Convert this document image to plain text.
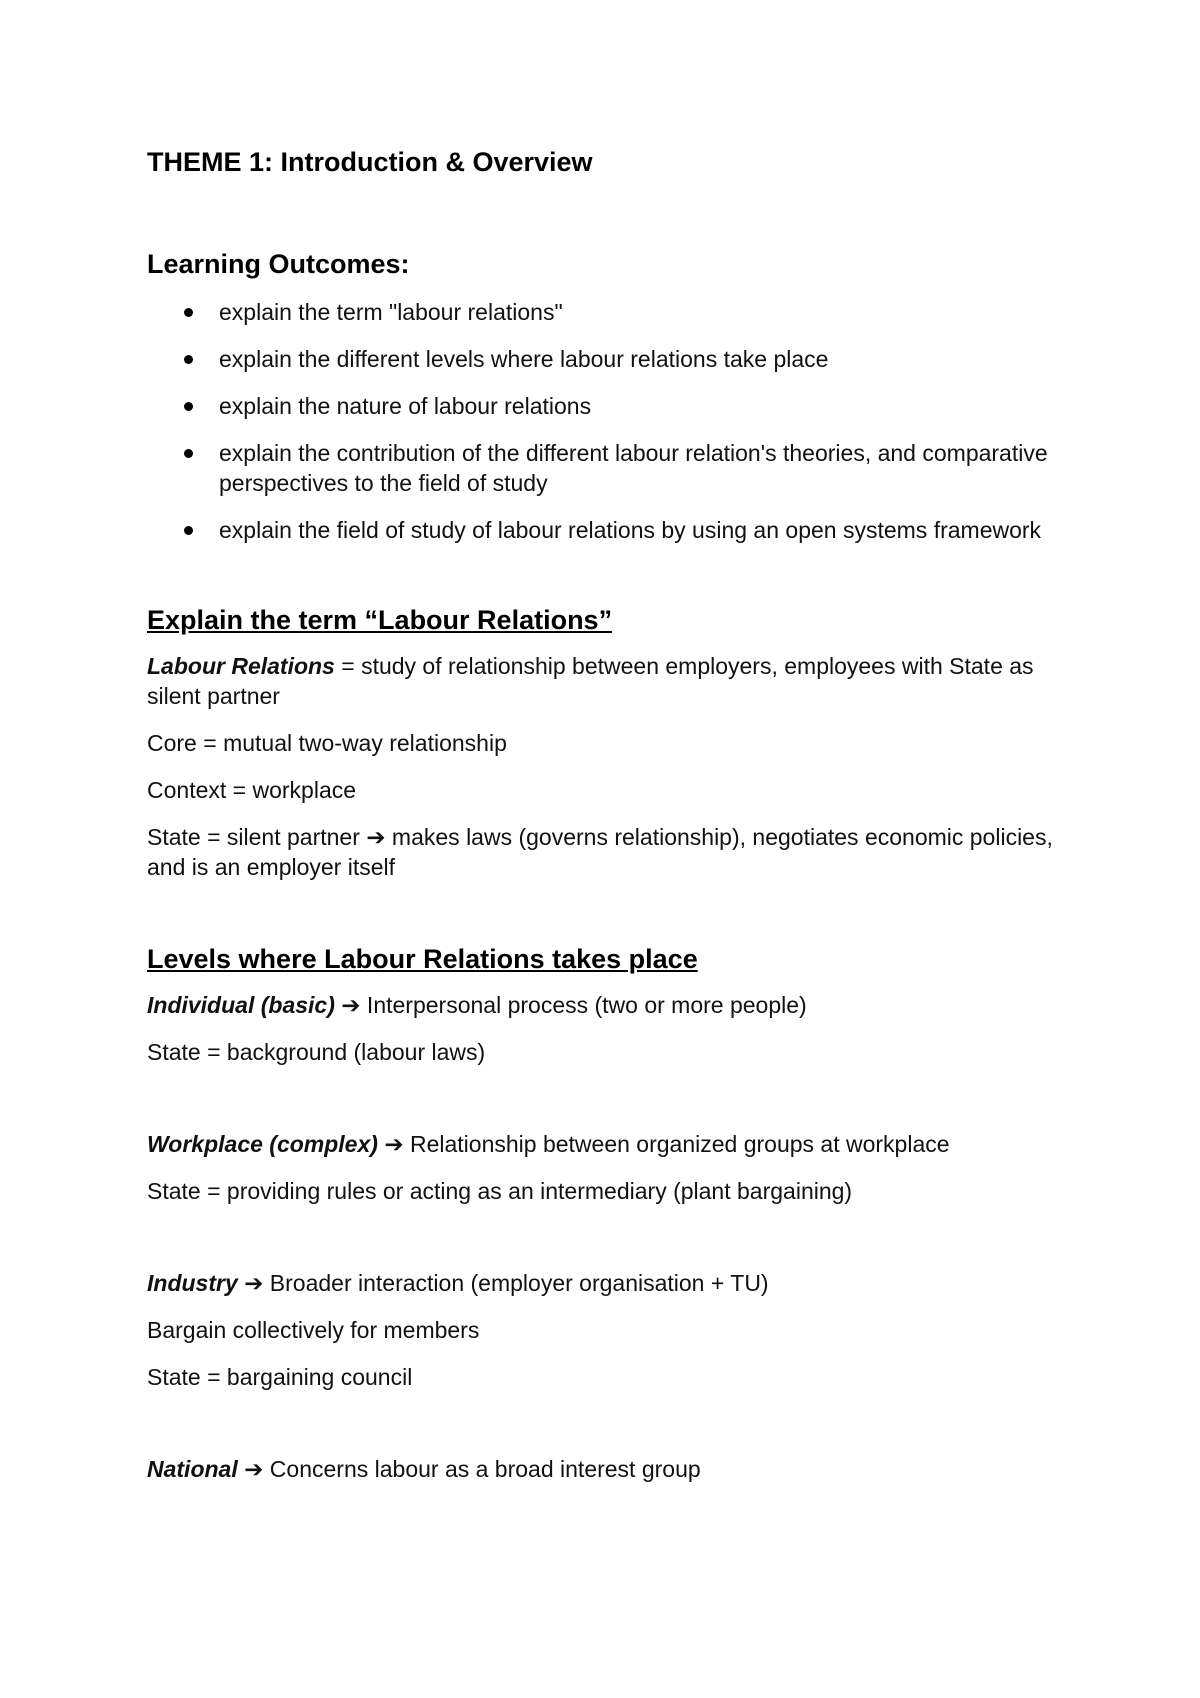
THEME 1: Introduction & Overview
Learning Outcomes:
explain the term "labour relations"
explain the different levels where labour relations take place
explain the nature of labour relations
explain the contribution of the different labour relation's theories, and comparative perspectives to the field of study
explain the field of study of labour relations by using an open systems framework
Explain the term “Labour Relations”

Labour Relations = study of relationship between employers, employees with State as silent partner

Core = mutual two-way relationship

Context = workplace

State = silent partner ➔ makes laws (governs relationship), negotiates economic policies, and is an employer itself

Levels where Labour Relations takes place

Individual (basic) ➔ Interpersonal process (two or more people)

State = background (labour laws)

Workplace (complex) ➔ Relationship between organized groups at workplace

State = providing rules or acting as an intermediary (plant bargaining)

Industry ➔ Broader interaction (employer organisation + TU)

Bargain collectively for members

State = bargaining council

National ➔ Concerns labour as a broad interest group
